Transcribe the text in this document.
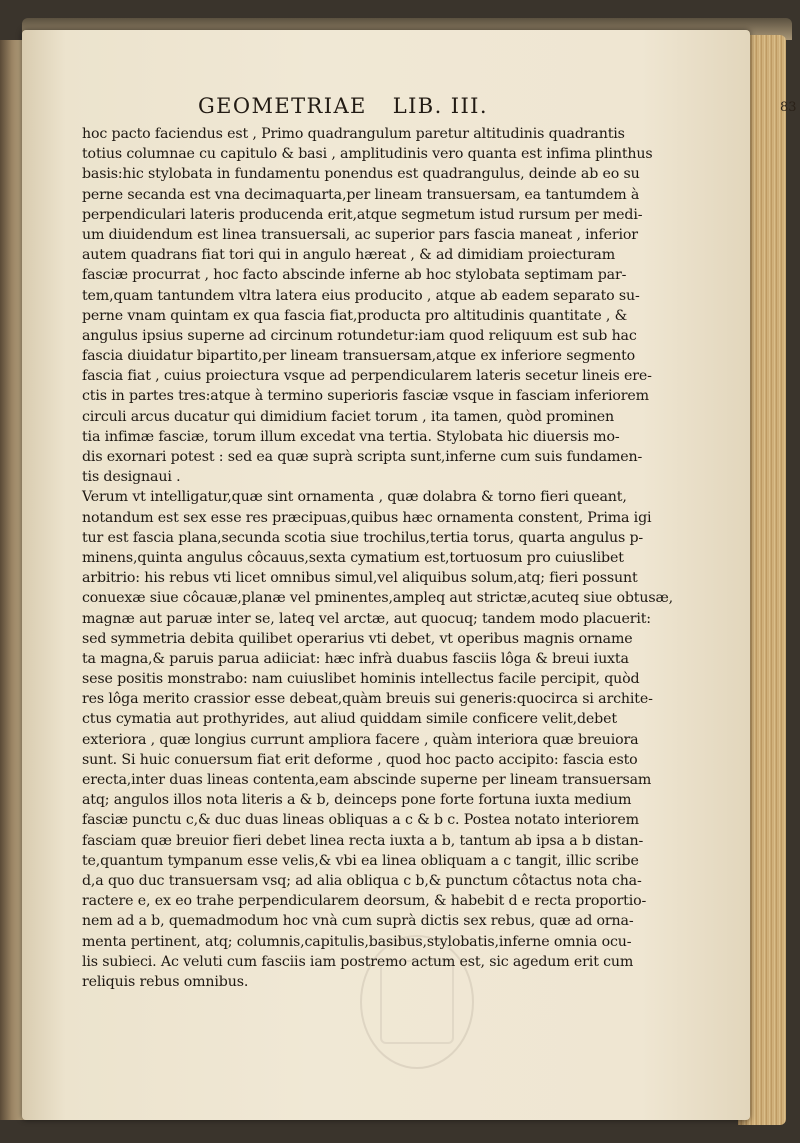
GEOMETRIAE LIB. III.	83
hoc pacto faciendus est , Primo quadrangulum paretur altitudinis quadrantis
totius columnae cu capitulo & basi , amplitudinis vero quanta est infima plinthus
basis:hic stylobata in fundamentu ponendus est quadrangulus, deinde ab eo su
perne secanda est vna decimaquarta,per lineam transuersam, ea tantumdem à
perpendiculari lateris producenda erit,atque segmetum istud rursum per medi-
um diuidendum est linea transuersali, ac superior pars fascia maneat , inferior
autem quadrans fiat tori qui in angulo hæreat , & ad dimidiam proiecturam
fasciæ procurrat , hoc facto abscinde inferne ab hoc stylobata septimam par-
tem,quam tantundem vltra latera eius producito , atque ab eadem separato su-
perne vnam quintam ex qua fascia fiat,producta pro altitudinis quantitate , &
angulus ipsius superne ad circinum rotundetur:iam quod reliquum est sub hac
fascia diuidatur bipartito,per lineam transuersam,atque ex inferiore segmento
fascia fiat , cuius proiectura vsque ad perpendicularem lateris secetur lineis ere-
ctis in partes tres:atque à termino superioris fasciæ vsque in fasciam inferiorem
circuli arcus ducatur qui dimidium faciet torum , ita tamen, quòd prominen
tia infimæ fasciæ, torum illum excedat vna tertia. Stylobata hic diuersis mo-
dis exornari potest : sed ea quæ suprà scripta sunt,inferne cum suis fundamen-
tis designaui .
Verum vt intelligatur,quæ sint ornamenta , quæ dolabra & torno fieri queant,
notandum est sex esse res præcipuas,quibus hæc ornamenta constent, Prima igi
tur est fascia plana,secunda scotia siue trochilus,tertia torus, quarta angulus p-
minens,quinta angulus côcauus,sexta cymatium est,tortuosum pro cuiuslibet
arbitrio: his rebus vti licet omnibus simul,vel aliquibus solum,atq; fieri possunt
conuexæ siue côcauæ,planæ vel pminentes,ampleq aut strictæ,acuteq siue obtusæ,
magnæ aut paruæ inter se, lateq vel arctæ, aut quocuq; tandem modo placuerit:
sed symmetria debita quilibet operarius vti debet, vt operibus magnis orname
ta magna,& paruis parua adiiciat: hæc infrà duabus fasciis lôga & breui iuxta
sese positis monstrabo: nam cuiuslibet hominis intellectus facile percipit, quòd
res lôga merito crassior esse debeat,quàm breuis sui generis:quocirca si archite-
ctus cymatia aut prothyrides, aut aliud quiddam simile conficere velit,debet
exteriora , quæ longius currunt ampliora facere , quàm interiora quæ breuiora
sunt. Si huic conuersum fiat erit deforme , quod hoc pacto accipito: fascia esto
erecta,inter duas lineas contenta,eam abscinde superne per lineam transuersam
atq; angulos illos nota literis a & b, deinceps pone forte fortuna iuxta medium
fasciæ punctu c,& duc duas lineas obliquas a c & b c. Postea notato interiorem
fasciam quæ breuior fieri debet linea recta iuxta a b, tantum ab ipsa a b distan-
te,quantum tympanum esse velis,& vbi ea linea obliquam a c tangit, illic scribe
d,a quo duc transuersam vsq; ad alia obliqua c b,& punctum côtactus nota cha-
ractere e, ex eo trahe perpendicularem deorsum, & habebit d e recta proportio-
nem ad a b, quemadmodum hoc vnà cum suprà dictis sex rebus, quæ ad orna-
menta pertinent, atq; columnis,capitulis,basibus,stylobatis,inferne omnia ocu-
lis subieci. Ac veluti cum fasciis iam postremo actum est, sic agedum erit cum
reliquis rebus omnibus.
